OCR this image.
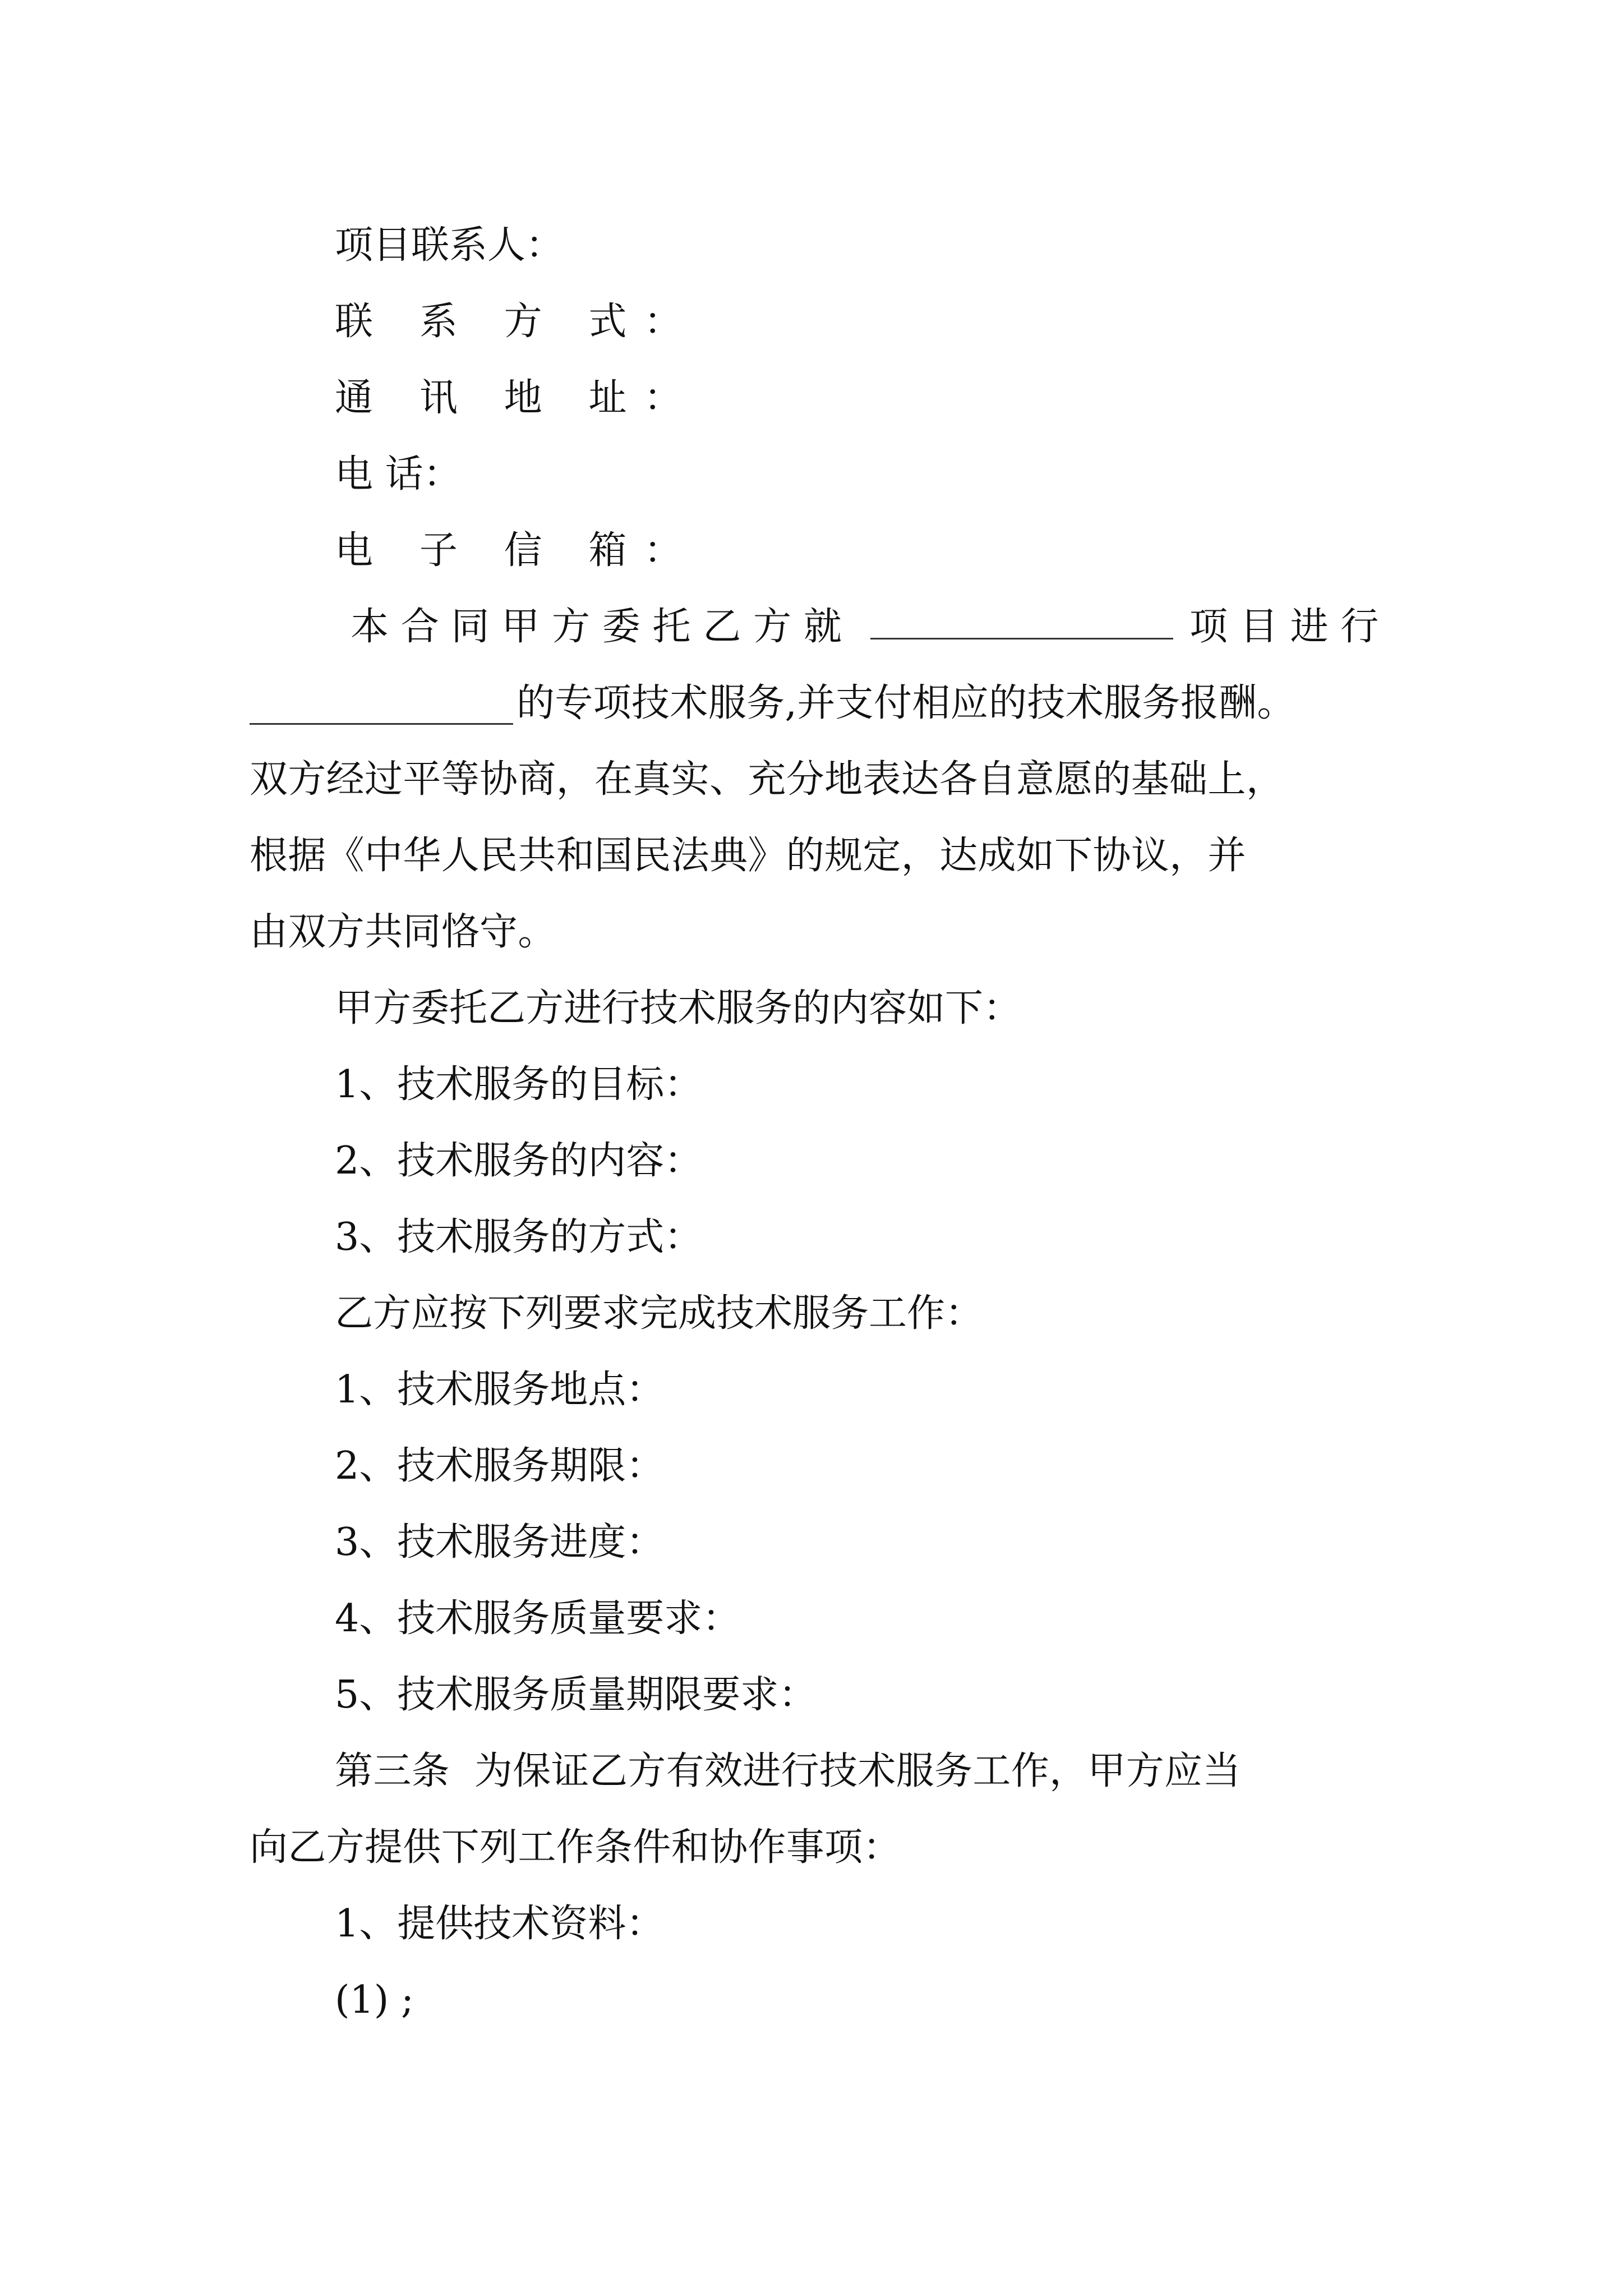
项目联系人：
联 系 方 式：
通 讯 地 址：
电 话：
电 子 信 箱：
本合同甲方委托乙方就	项目进行
的专项技术服务,并支付相应的技术服务报酬。
双方经过平等协商，在真实、充分地表达各自意愿的基础上，
根据《中华人民共和国民法典》的规定，达成如下协议，并
由双方共同恪守。
甲方委托乙方进行技术服务的内容如下：
1、技术服务的目标：
2、技术服务的内容：
3、技术服务的方式：
乙方应按下列要求完成技术服务工作：
1、技术服务地点：
2、技术服务期限：
3、技术服务进度：
4、技术服务质量要求：
5、技术服务质量期限要求：
第三条  为保证乙方有效进行技术服务工作，甲方应当
向乙方提供下列工作条件和协作事项：
1、提供技术资料：
(1) ;
